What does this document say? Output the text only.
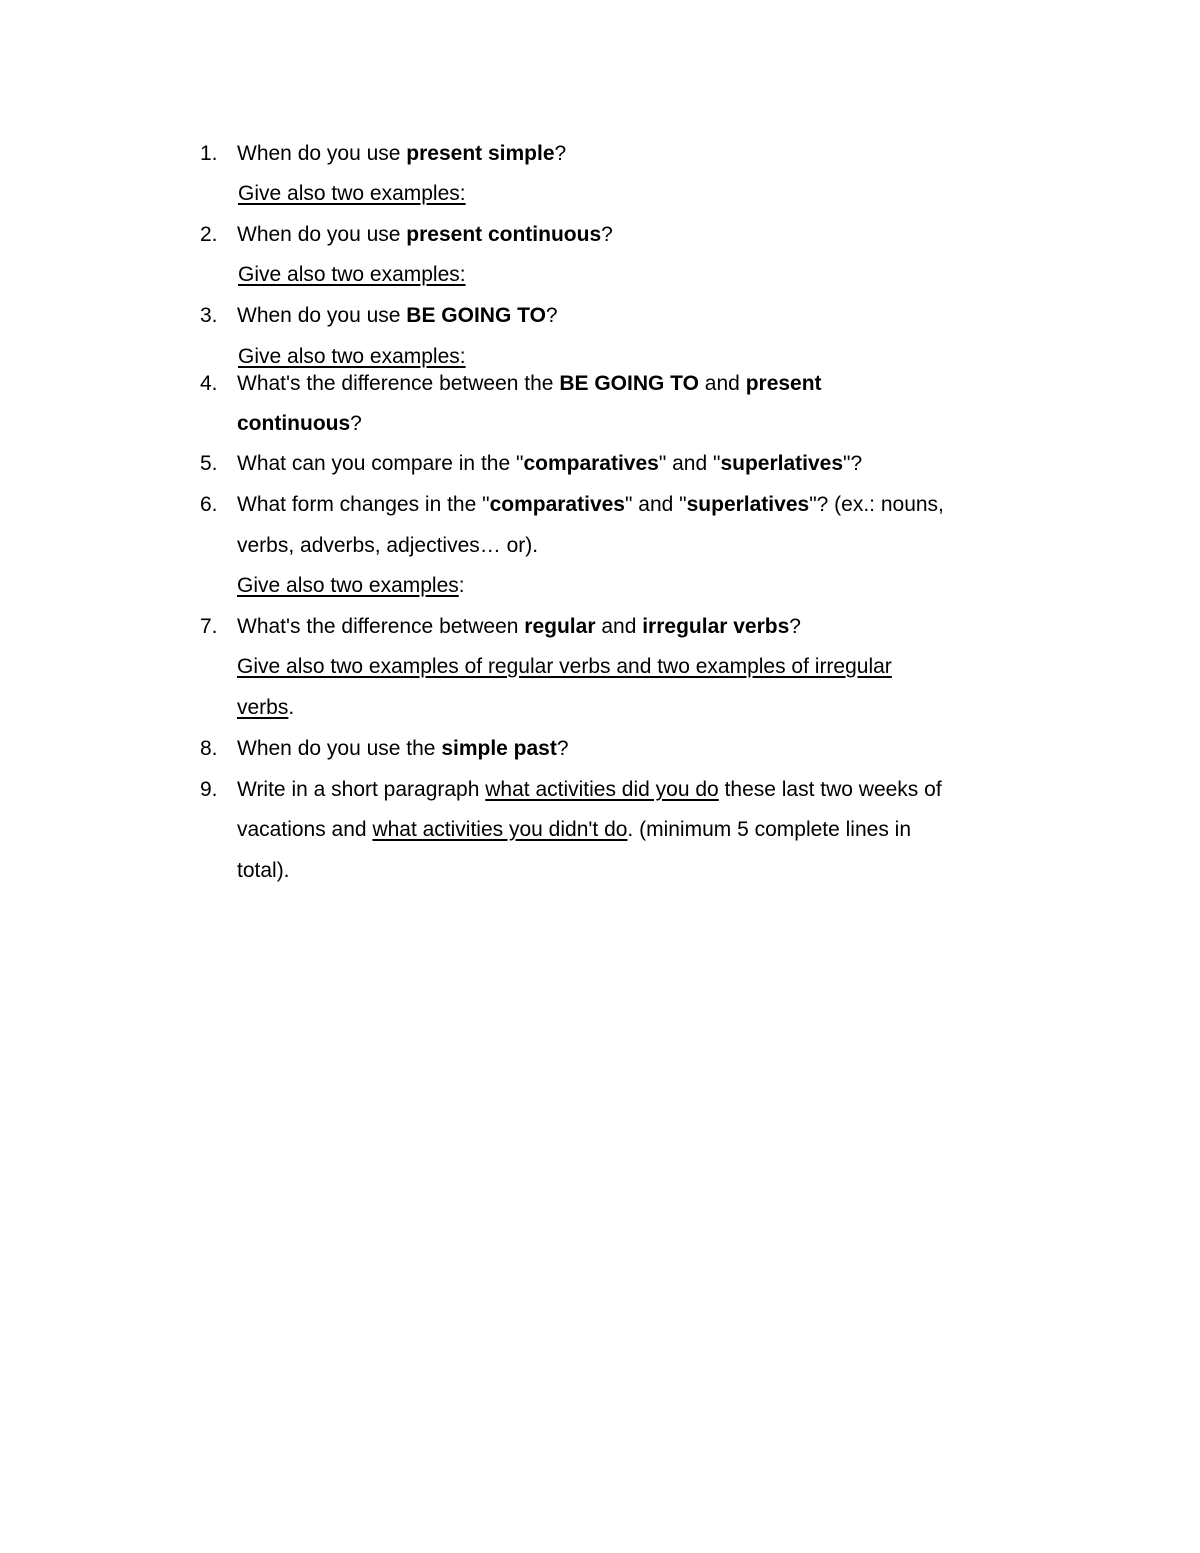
1. When do you use present simple?
Give also two examples:
2. When do you use present continuous?
Give also two examples:
3. When do you use BE GOING TO?
Give also two examples:
4. What's the difference between the BE GOING TO and present
continuous?
5. What can you compare in the "comparatives" and "superlatives"?
6. What form changes in the "comparatives" and "superlatives"? (ex.: nouns,
verbs, adverbs, adjectives… or).
Give also two examples:
7. What's the difference between regular and irregular verbs?
Give also two examples of regular verbs and two examples of irregular
verbs.
8. When do you use the simple past?
9. Write in a short paragraph what activities did you do these last two weeks of
vacations and what activities you didn't do. (minimum 5 complete lines in
total).
